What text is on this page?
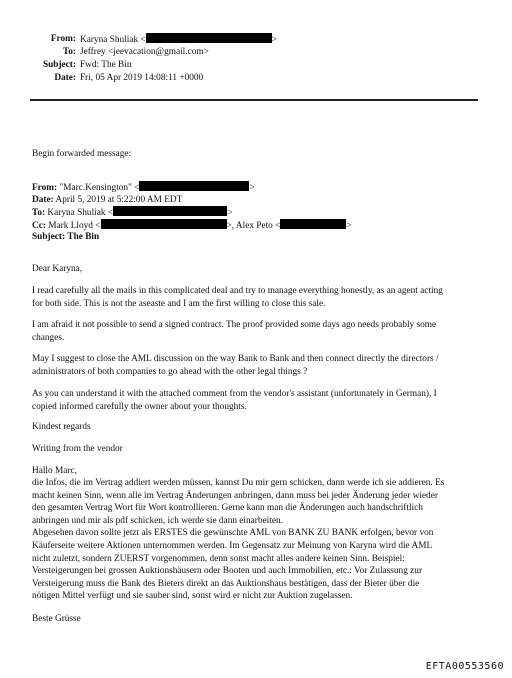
From: Karyna Shuliak <	>
To: Jeffrey <jeevacation@gmail.com>
Subject: Fwd: The Bin
Date: Fri, 05 Apr 2019 14:08:11 +0000
Begin forwarded message:
From: "Marc.Kensington" <	>
Date: April 5, 2019 at 5:22:00 AM EDT
To: Karyna Shuliak <	>
Cc: Mark Lloyd <	>, Alex Peto <	>
Subject: The Bin
Dear Karyna,
I read carefully all the mails in this complicated deal and try to manage everything honestly, as an agent acting
for both side. This is not the aseaste and I am the first willing to close this sale.
I am afraid it not possible to send a signed contract. The proof provided some days ago needs probably some
changes.
May I suggest to close the AML discussion on the way Bank to Bank and then connect directly the directors /
administrators of both companies to go ahead with the other legal things ?
As you can understand it with the attached comment from the vendor's assistant (unfortunately in German), I
copied informed carefully the owner about your thoughts.
Kindest regards
Writing from the vendor
Hallo Marc,
die Infos, die im Vertrag addiert werden müssen, kannst Du mir gern schicken, dann werde ich sie addieren. Es
macht keinen Sinn, wenn alle im Vertrag Änderungen anbringen, dann muss bei jeder Änderung jeder wieder
den gesamten Vertrag Wort für Wort kontrollieren. Gerne kann man die Änderungen auch handschriftlich
anbringen und mir als pdf schicken, ich werde sie dann einarbeiten.
Abgesehen davon sollte jetzt als ERSTES die gewünschte AML von BANK ZU BANK erfolgen, bevor von
Käuferseite weitere Aktionen unternommen werden. Im Gegensatz zur Meinung von Karyna wird die AML
nicht zuletzt, sondern ZUERST vorgenommen, denn sonst macht alles andere keinen Sinn. Beispiel:
Versteigerungen bei grossen Auktionshäusern oder Booten und auch Immobilien, etc.: Vor Zulassung zur
Versteigerung muss die Bank des Bieters direkt an das Auktionshaus bestätigen, dass der Bieter über die
nötigen Mittel verfügt und sie sauber sind, sonst wird er nicht zur Auktion zugelassen.
Beste Grüsse
EFTA00553560
